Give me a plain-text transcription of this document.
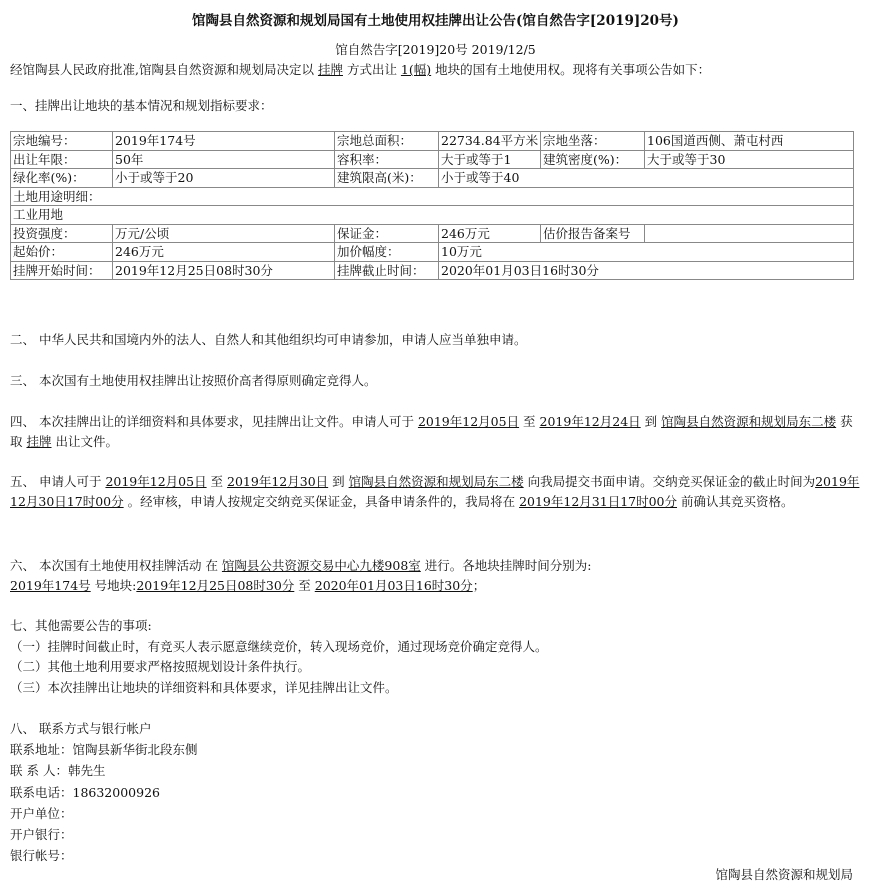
馆陶县自然资源和规划局国有土地使用权挂牌出让公告(馆自然告字[2019]20号)
馆自然告字[2019]20号 2019/12/5
经馆陶县人民政府批准,馆陶县自然资源和规划局决定以 挂牌 方式出让 1(幅) 地块的国有土地使用权。现将有关事项公告如下：
一、挂牌出让地块的基本情况和规划指标要求：
宗地编号：	2019年174号	宗地总面积：	22734.84平方米	宗地坐落：	106国道西侧、萧屯村西
出让年限：	50年	容积率：	大于或等于1	建筑密度(%)：	大于或等于30
绿化率(%)：	小于或等于20	建筑限高(米)：	小于或等于40		
土地用途明细：					
工业用地					
投资强度：	万元/公顷	保证金：	246万元	估价报告备案号	
起始价：	246万元	加价幅度：	10万元		
挂牌开始时间：	2019年12月25日08时30分	挂牌截止时间：	2020年01月03日16时30分		
二、 中华人民共和国境内外的法人、自然人和其他组织均可申请参加，申请人应当单独申请。
三、 本次国有土地使用权挂牌出让按照价高者得原则确定竞得人。
四、 本次挂牌出让的详细资料和具体要求，见挂牌出让文件。申请人可于 2019年12月05日 至 2019年12月24日 到 馆陶县自然资源和规划局东二楼 获取 挂牌 出让文件。
五、 申请人可于 2019年12月05日 至 2019年12月30日 到 馆陶县自然资源和规划局东二楼 向我局提交书面申请。交纳竞买保证金的截止时间为2019年12月30日17时00分 。经审核，申请人按规定交纳竞买保证金，具备申请条件的，我局将在 2019年12月31日17时00分 前确认其竞买资格。
六、 本次国有土地使用权挂牌活动 在 馆陶县公共资源交易中心九楼908室 进行。各地块挂牌时间分别为:
2019年174号 号地块:2019年12月25日08时30分 至 2020年01月03日16时30分；
七、其他需要公告的事项:
（一）挂牌时间截止时，有竞买人表示愿意继续竞价，转入现场竞价，通过现场竞价确定竞得人。
（二）其他土地利用要求严格按照规划设计条件执行。
（三）本次挂牌出让地块的详细资料和具体要求，详见挂牌出让文件。
八、 联系方式与银行帐户
联系地址：馆陶县新华街北段东侧
联 系 人：韩先生
联系电话：18632000926
开户单位：
开户银行：
银行帐号：
馆陶县自然资源和规划局
